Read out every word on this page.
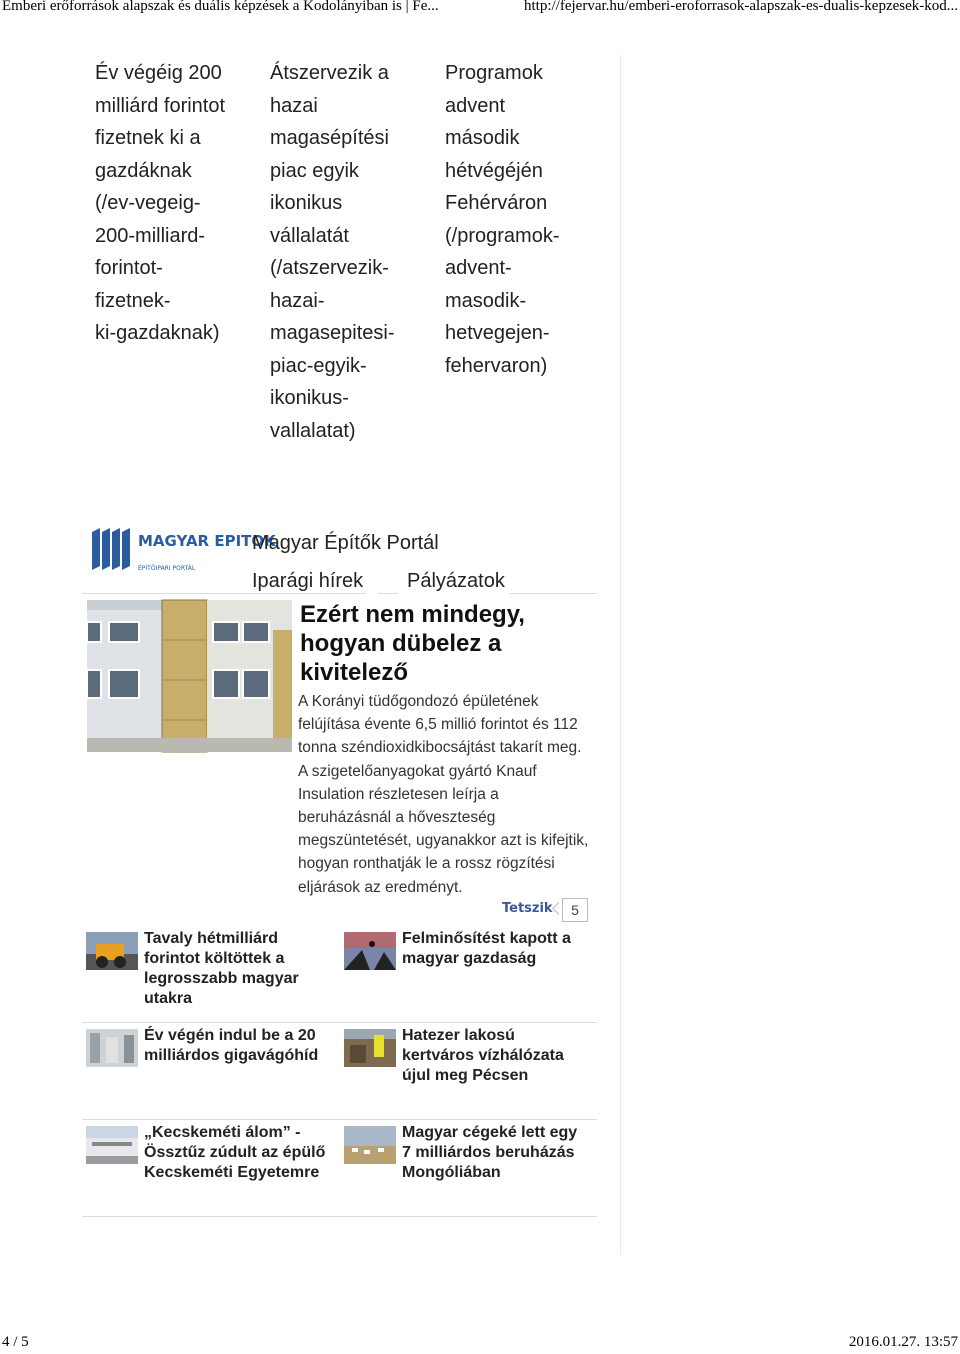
Emberi erőforrások alapszak és duális képzések a Kodolányiban is | Fe...	http://fejervar.hu/emberi-eroforrasok-alapszak-es-dualis-kepzesek-kod...
Év végéig 200
milliárd forintot
fizetnek ki a
gazdáknak
(/ev-vegeig-
200-milliard-
forintot-
fizetnek-
ki-gazdaknak)
Átszervezik a
hazai
magasépítési
piac egyik
ikonikus
vállalatát
(/atszervezik-
hazai-
magasepitesi-
piac-egyik-
ikonikus-
vallalatat)
Programok
advent
második
hétvégéjén
Fehérváron
(/programok-
advent-
masodik-
hetvegejen-
fehervaron)
MAGYAR EPITOK
ÉPÍTŐIPARI PORTÁL
Magyar Építők Portál
Iparági hírek Pályázatok
Ezért nem mindegy, hogyan dübelez a kivitelező
A Korányi tüdőgondozó épületének felújítása évente 6,5 millió forintot és 112 tonna széndioxidkibocsájtást takarít meg. A szigetelőanyagokat gyártó Knauf Insulation részletesen leírja a beruházásnál a hőveszteség megszüntetését, ugyanakkor azt is kifejtik, hogyan ronthatják le a rossz rögzítési eljárások az eredményt.
Tetszik	5
Tavaly hétmilliárd forintot költöttek a legrosszabb magyar utakra
Felminősítést kapott a magyar gazdaság
Év végén indul be a 20 milliárdos gigavágóhíd
Hatezer lakosú kertváros vízhálózata újul meg Pécsen
„Kecskeméti álom” - Össztűz zúdult az épülő Kecskeméti Egyetemre
Magyar cégeké lett egy 7 milliárdos beruházás Mongóliában
4 / 5	2016.01.27. 13:57
